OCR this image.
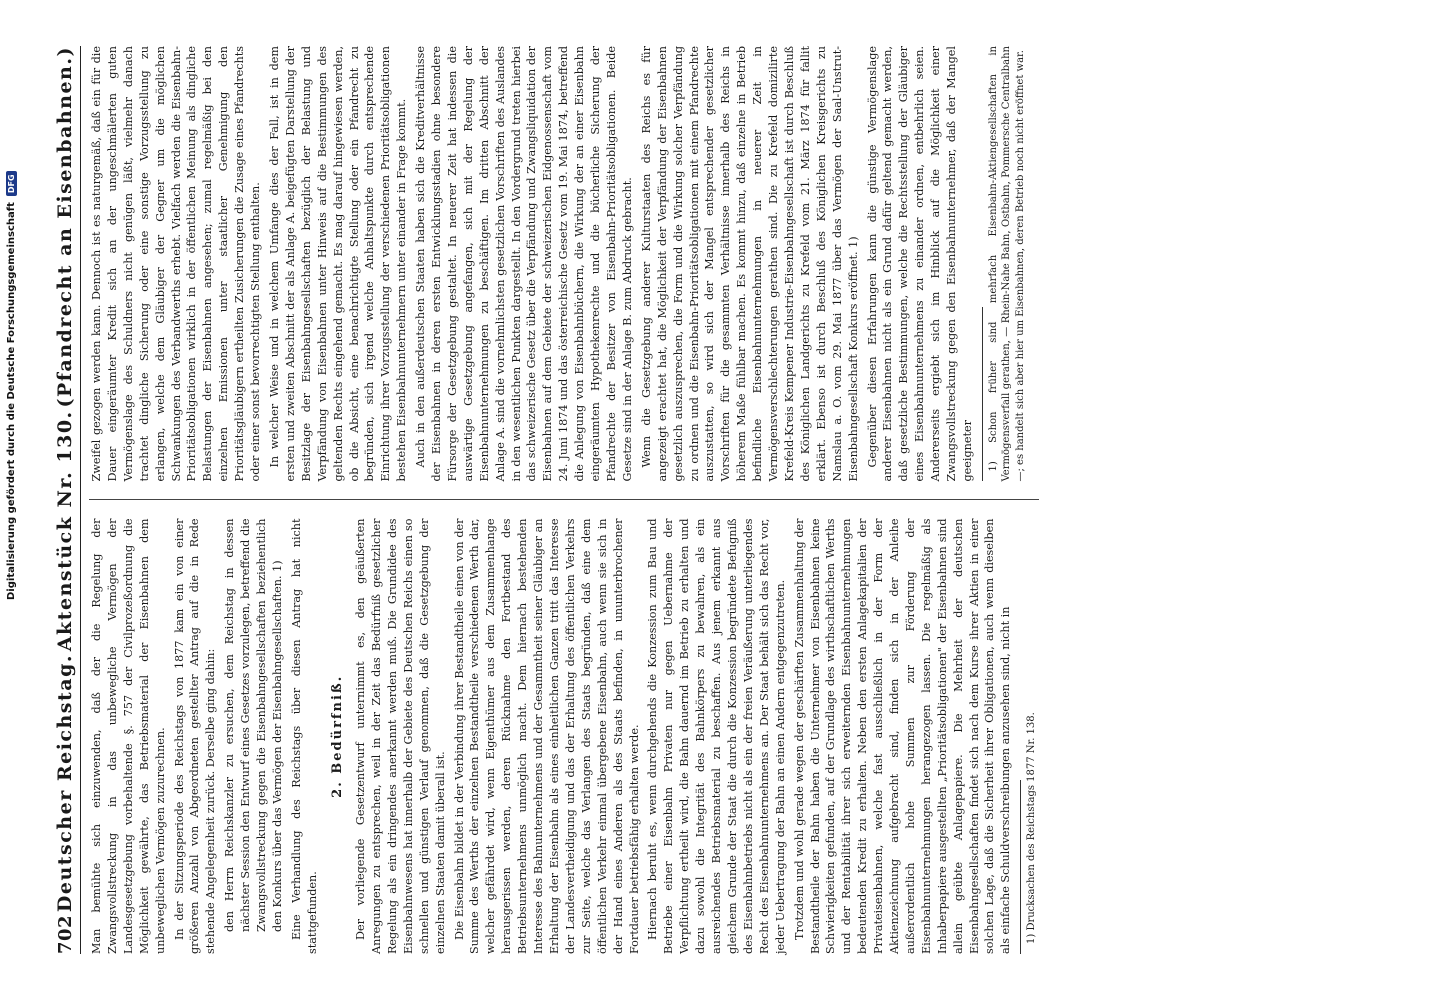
702
Deutscher Reichstag.
Aktenstück Nr. 130.
(Pfandrecht an Eisenbahnen.)

Man bemühte sich einzuwenden, daß der die Regelung der Zwangsvollstreckung in das unbewegliche Vermögen der Landesgesetzgebung vorbehaltende §. 757 der Civilprozeßordnung die Möglichkeit gewährte, das Betriebsmaterial der Eisenbahnen dem unbeweglichen Vermögen zuzurechnen. In der Sitzungsperiode des Reichstags von 1877 kam ein von einer größeren Anzahl von Abgeordneten gestellter Antrag auf die in Rede stehende Angelegenheit zurück. Derselbe ging dahin: den Herrn Reichskanzler zu ersuchen, dem Reichstag in dessen nächster Session den Entwurf eines Gesetzes vorzulegen, betreffend die Zwangsvollstreckung gegen die Eisenbahngesellschaften beziehentlich den Konkurs über das Vermögen der Eisenbahngesellschaften. 1) Eine Verhandlung des Reichstags über diesen Antrag hat nicht stattgefunden.

2. Bedürfniß. Der vorliegende Gesetzentwurf unternimmt es, den geäußerten Anregungen zu entsprechen, weil in der Zeit das Bedürfniß gesetzlicher Regelung als ein dringendes anerkannt werden muß. Die Grundidee des Eisenbahnwesens hat innerhalb der Gebiete des Deutschen Reichs einen so schnellen und günstigen Verlauf genommen, daß die Gesetzgebung der einzelnen Staaten damit überall ist. Die Eisenbahn bildet in der Verbindung ihrer Bestandtheile einen von der Summe des Werths der einzelnen Bestandtheile verschiedenen Werth dar, welcher gefährdet wird, wenn Eigenthümer aus dem Zusammenhange herausgerissen werden, deren Rücknahme den Fortbestand des Betriebsunternehmens unmöglich macht. Dem hiernach bestehenden Interesse des Bahnunternehmens und der Gesammtheit seiner Gläubiger an Erhaltung der Eisenbahn als eines einheitlichen Ganzen tritt das Interesse der Landesvertheidigung und das der Erhaltung des öffentlichen Verkehrs zur Seite, welche das Verlangen des Staats begründen, daß eine dem öffentlichen Verkehr einmal übergebene Eisenbahn, auch wenn sie sich in der Hand eines Anderen als des Staats befinden, in ununterbrochener Fortdauer betriebsfähig erhalten werde. Hiernach beruht es, wenn durchgehends die Konzession zum Bau und Betriebe einer Eisenbahn Privaten nur gegen Uebernahme der Verpflichtung ertheilt wird, die Bahn dauernd im Betrieb zu erhalten und dazu sowohl die Integrität des Bahnkörpers zu bewahren, als ein ausreichendes Betriebsmaterial zu beschaffen. Aus jenem erkannt aus gleichem Grunde der Staat die durch die Konzession begründete Befugniß des Eisenbahnbetriebs nicht als ein der freien Veräußerung unterliegendes Recht des Eisenbahnunternehmens an. Der Staat behält sich das Recht vor, jeder Uebertragung der Bahn an einen Andern entgegenzutreten. Trotzdem und wohl gerade wegen der geschärften Zusammenhaltung der Bestandtheile der Bahn haben die Unternehmer von Eisenbahnen keine Schwierigkeiten gefunden, auf der Grundlage des wirthschaftlichen Werths und der Rentabilität ihrer sich erweiternden Eisenbahnunternehmungen bedeutenden Kredit zu erhalten. Neben den ersten Anlagekapitalien der Privateisenbahnen, welche fast ausschließlich in der Form der Aktienzeichnung aufgebracht sind, finden sich in der Anleihe außerordentlich hohe Summen zur Förderung der Eisenbahnunternehmungen herangezogen lassen. Die regelmäßig als Inhaberpapiere ausgestellten „Prioritätsobligationen" der Eisenbahnen sind allein geübte Anlagepapiere. Die Mehrheit der deutschen Eisenbahngesellschaften findet sich nach dem Kurse ihrer Aktien in einer solchen Lage, daß die Sicherheit ihrer Obligationen, auch wenn dieselben als einfache Schuldverschreibungen anzusehen sind, nicht in 1) Drucksachen des Reichstags 1877 Nr. 138.

Zweifel gezogen werden kann. Dennoch ist es naturgemäß, daß ein für die Dauer eingeräumter Kredit sich an der ungeschmälerten guten Vermögenslage des Schuldners nicht genügen läßt, vielmehr danach trachtet dingliche Sicherung oder eine sonstige Vorzugsstellung zu erlangen, welche dem Gläubiger der Gegner um die möglichen Schwankungen des Verbandwerths erhebt. Vielfach werden die Eisenbahn-Prioritätsobligationen wirklich in der öffentlichen Meinung als dingliche Belastungen der Eisenbahnen angesehen; zumal regelmäßig bei den einzelnen Emissionen unter staatlicher Genehmigung den Prioritätsgläubigern ertheilten Zusicherungen die Zusage eines Pfandrechts oder einer sonst bevorrechtigten Stellung enthalten. In welcher Weise und in welchem Umfange dies der Fall, ist in dem ersten und zweiten Abschnitt der als Anlage A. beigefügten Darstellung der Besitzlage der Eisenbahngesellschaften bezüglich der Belastung und Verpfändung von Eisenbahnen unter Hinweis auf die Bestimmungen des geltenden Rechts eingehend gemacht. Es mag darauf hingewiesen werden, ob die Absicht, eine benachrichtigte Stellung oder ein Pfandrecht zu begründen, sich irgend welche Anhaltspunkte durch entsprechende Einrichtung ihrer Vorzugsstellung der verschiedenen Prioritätsobligationen bestehen Eisenbahnunternehmern unter einander in Frage kommt. Auch in den außerdeutschen Staaten haben sich die Kreditverhältnisse der Eisenbahnen in deren ersten Entwicklungsstadien ohne besondere Fürsorge der Gesetzgebung gestaltet. In neuerer Zeit hat indessen die auswärtige Gesetzgebung angefangen, sich mit der Regelung der Eisenbahnunternehmungen zu beschäftigen. Im dritten Abschnitt der Anlage A. sind die vornehmlichsten gesetzlichen Vorschriften des Auslandes in den wesentlichen Punkten dargestellt. In den Vordergrund treten hierbei das schweizerische Gesetz über die Verpfändung und Zwangsliquidation der Eisenbahnen auf dem Gebiete der schweizerischen Eidgenossenschaft vom 24. Juni 1874 und das österreichische Gesetz vom 19. Mai 1874, betreffend die Anlegung von Eisenbahnbüchern, die Wirkung der an einer Eisenbahn eingeräumten Hypothekenrechte und die bücherliche Sicherung der Pfandrechte der Besitzer von Eisenbahn-Prioritätsobligationen. Beide Gesetze sind in der Anlage B. zum Abdruck gebracht. Wenn die Gesetzgebung anderer Kulturstaaten des Reichs es für angezeigt erachtet hat, die Möglichkeit der Verpfändung der Eisenbahnen gesetzlich auszusprechen, die Form und die Wirkung solcher Verpfändung zu ordnen und die Eisenbahn-Prioritätsobligationen mit einem Pfandrechte auszustatten, so wird sich der Mangel entsprechender gesetzlicher Vorschriften für die gesammten Verhältnisse innerhalb des Reichs in höherem Maße fühlbar machen. Es kommt hinzu, daß einzelne in Betrieb befindliche Eisenbahnunternehmungen in neuerer Zeit in Vermögensverschlechterungen gerathen sind. Die zu Krefeld domizilirte Krefeld-Kreis Kempener Industrie-Eisenbahngesellschaft ist durch Beschluß des Königlichen Landgerichts zu Krefeld vom 21. März 1874 für fallit erklärt. Ebenso ist durch Beschluß des Königlichen Kreisgerichts zu Namslau a. O. vom 29. Mai 1877 über das Vermögen der Saal-Unstrut-Eisenbahngesellschaft Konkurs eröffnet. 1) Gegenüber diesen Erfahrungen kann die günstige Vermögenslage anderer Eisenbahnen nicht als ein Grund dafür geltend gemacht werden, daß gesetzliche Bestimmungen, welche die Rechtsstellung der Gläubiger eines Eisenbahnunternehmens zu einander ordnen, entbehrlich seien. Andererseits ergiebt sich im Hinblick auf die Möglichkeit einer Zwangsvollstreckung gegen den Eisenbahnunternehmer, daß der Mangel geeigneter 1) Schon früher sind mehrfach Eisenbahn-Aktiengesellschaften in Vermögensverfall gerathen, — Rhein-Nahe Bahn, Ostbahn, Pommersche Centralbahn —; es handelt sich aber hier um Eisenbahnen, deren Betrieb noch nicht eröffnet war.

Digitalisierung gefördert durch die Deutsche Forschungsgemeinschaft
DFG
